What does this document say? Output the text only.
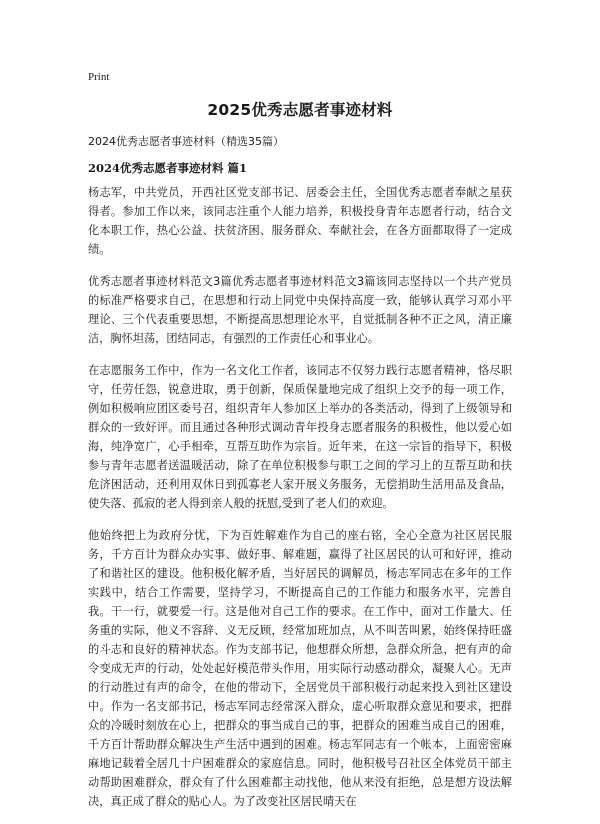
Print
2025优秀志愿者事迹材料

2024优秀志愿者事迹材料（精选35篇）

2024优秀志愿者事迹材料 篇1

杨志军，中共党员，开西社区党支部书记、居委会主任，全国优秀志愿者奉献之星获得者。参加工作以来，该同志注重个人能力培养，积极投身青年志愿者行动，结合文化本职工作，热心公益、扶贫济困、服务群众、奉献社会，在各方面都取得了一定成绩。

优秀志愿者事迹材料范文3篇优秀志愿者事迹材料范文3篇该同志坚持以一个共产党员的标准严格要求自己，在思想和行动上同党中央保持高度一致，能够认真学习邓小平理论、三个代表重要思想，不断提高思想理论水平，自觉抵制各种不正之风，清正廉洁，胸怀坦荡，团结同志，有强烈的工作责任心和事业心。

在志愿服务工作中，作为一名文化工作者，该同志不仅努力践行志愿者精神，恪尽职守，任劳任怨，锐意进取，勇于创新，保质保量地完成了组织上交予的每一项工作，例如积极响应团区委号召，组织青年人参加区上举办的各类活动，得到了上级领导和群众的一致好评。而且通过各种形式调动青年投身志愿者服务的积极性，他以爱心如海，纯净宽广，心手相牵，互帮互助作为宗旨。近年来，在这一宗旨的指导下，积极参与青年志愿者送温暖活动，除了在单位积极参与职工之间的学习上的互帮互助和扶危济困活动，还利用双休日到孤寡老人家开展义务服务，无偿捐助生活用品及食品，使失落、孤寂的老人得到亲人般的抚慰,受到了老人们的欢迎。

他始终把上为政府分忧，下为百姓解难作为自己的座右铭，全心全意为社区居民服务，千方百计为群众办实事、做好事、解难题，赢得了社区居民的认可和好评，推动了和谐社区的建设。他积极化解矛盾，当好居民的调解员，杨志军同志在多年的工作实践中，结合工作需要，坚持学习，不断提高自己的工作能力和服务水平，完善自我。干一行，就要爱一行。这是他对自己工作的要求。在工作中，面对工作量大、任务重的实际，他义不容辞、义无反顾，经常加班加点，从不叫苦叫累，始终保持旺盛的斗志和良好的精神状态。作为支部书记，他想群众所想，急群众所急，把有声的命令变成无声的行动，处处起好模范带头作用，用实际行动感动群众，凝聚人心。无声的行动胜过有声的命令，在他的带动下，全居党员干部积极行动起来投入到社区建设中。作为一名支部书记，杨志军同志经常深入群众，虚心听取群众意见和要求，把群众的冷暖时刻放在心上，把群众的事当成自己的事，把群众的困难当成自己的困难，千方百计帮助群众解决生产生活中遇到的困难。杨志军同志有一个帐本，上面密密麻麻地记载着全居几十户困难群众的家庭信息。同时，他积极号召社区全体党员干部主动帮助困难群众，群众有了什么困难都主动找他，他从来没有拒绝，总是想方设法解决，真正成了群众的贴心人。为了改变社区居民晴天在
